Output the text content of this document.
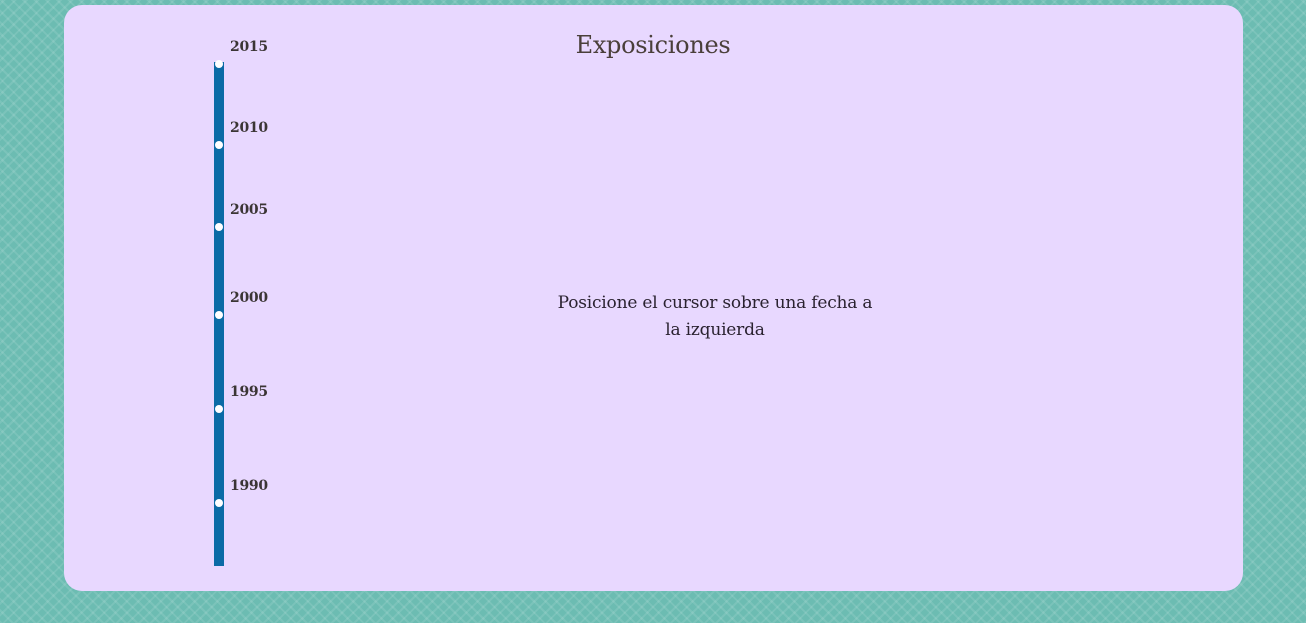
Exposiciones
2015
2010
2005
2000
1995
1990
Posicione el cursor sobre una fecha a la izquierda
